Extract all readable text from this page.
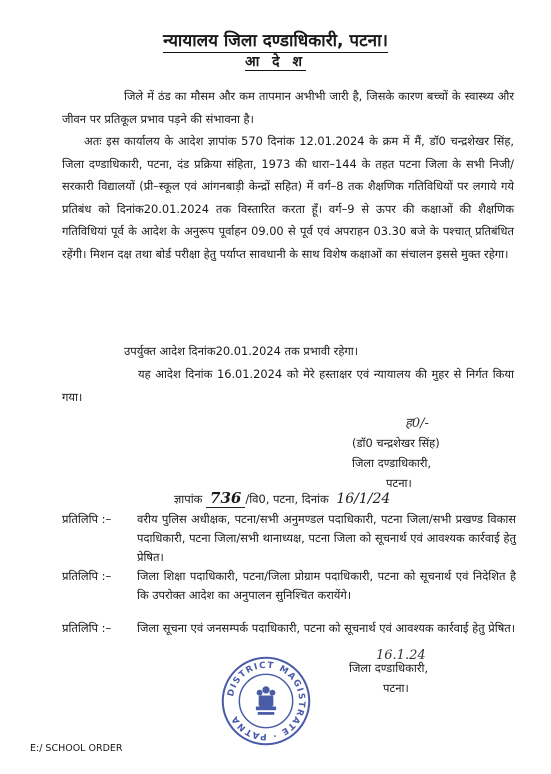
न्यायालय जिला दण्डाधिकारी, पटना।
आ दे श

जिले में ठंड का मौसम और कम तापमान अभीभी जारी है, जिसके कारण बच्चों के स्वास्थ्य और जीवन पर प्रतिकूल प्रभाव पड़ने की संभावना है।

अतः इस कार्यालय के आदेश ज्ञापांक 570 दिनांक 12.01.2024 के क्रम में मैं, डॉ0 चन्द्रशेखर सिंह, जिला दण्डाधिकारी, पटना, दंड प्रक्रिया संहिता, 1973 की धारा–144 के तहत पटना जिला के सभी निजी/सरकारी विद्यालयों (प्री–स्कूल एवं आंगनबाड़ी केन्द्रों सहित) में वर्ग–8 तक शैक्षणिक गतिविधियों पर लगाये गये प्रतिबंध को दिनांक20.01.2024 तक विस्तारित करता हूँ। वर्ग–9 से ऊपर की कक्षाओं की शैक्षणिक गतिविधियां पूर्व के आदेश के अनुरूप पूर्वाहन 09.00 से पूर्व एवं अपराहन 03.30 बजे के पश्चात् प्रतिबंधित रहेंगी। मिशन दक्ष तथा बोर्ड परीक्षा हेतु पर्याप्त सावधानी के साथ विशेष कक्षाओं का संचालन इससे मुक्त रहेगा।

उपर्युक्त आदेश दिनांक20.01.2024 तक प्रभावी रहेगा।

यह आदेश दिनांक 16.01.2024 को मेरे हस्ताक्षर एवं न्यायालय की मुहर से निर्गत किया गया।

ह0/-
(डॉ0 चन्द्रशेखर सिंह)
जिला दण्डाधिकारी,
पटना।
ज्ञापांक 736 /वि0, पटना, दिनांक 16/1/24
प्रतिलिपि :–	वरीय पुलिस अधीक्षक, पटना/सभी अनुमण्डल पदाधिकारी, पटना जिला/सभी प्रखण्ड विकास पदाधिकारी, पटना जिला/सभी थानाध्यक्ष, पटना जिला को सूचनार्थ एवं आवश्यक कार्रवाई हेतु प्रेषित।
प्रतिलिपि :–	जिला शिक्षा पदाधिकारी, पटना/जिला प्रोग्राम पदाधिकारी, पटना को सूचनार्थ एवं निदेशित है कि उपरोक्त आदेश का अनुपालन सुनिश्चित करायेंगे।
प्रतिलिपि :–	जिला सूचना एवं जनसम्पर्क पदाधिकारी, पटना को सूचनार्थ एवं आवश्यक कार्रवाई हेतु प्रेषित।
16.1.24
जिला दण्डाधिकारी,
पटना।
DISTRICT MAGISTRATE · PATNA
E:/ SCHOOL ORDER
